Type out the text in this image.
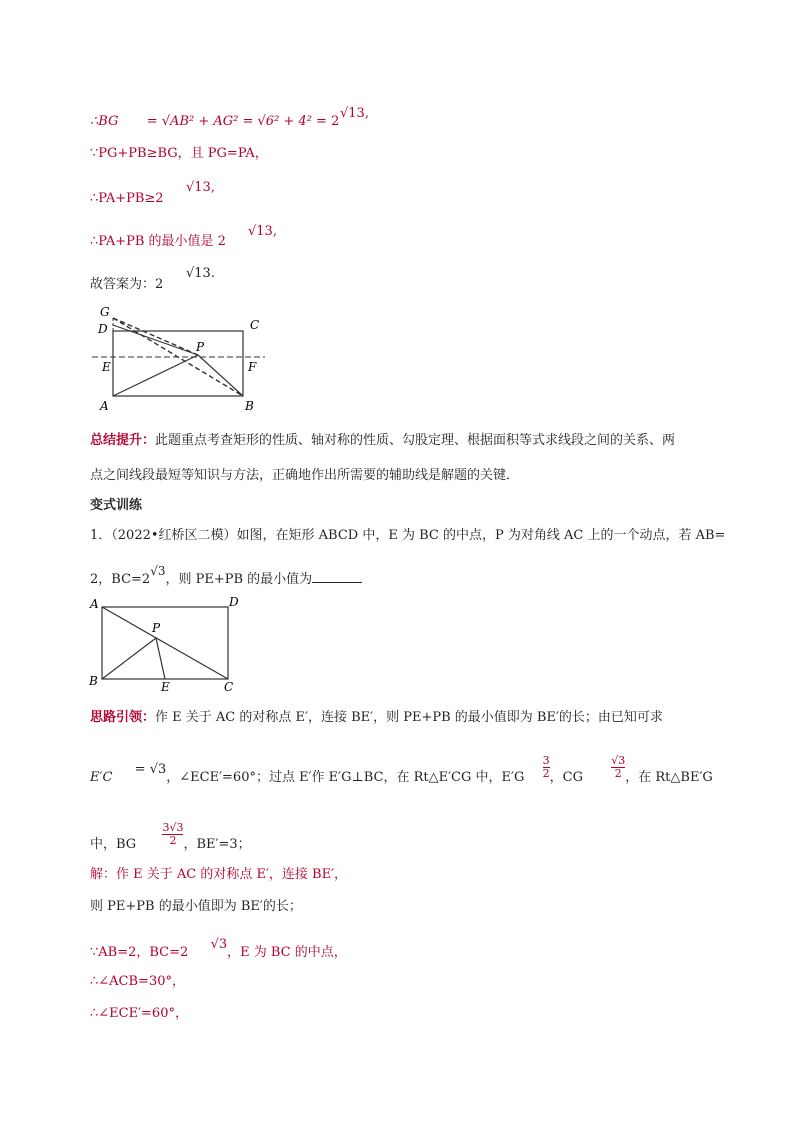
∴BG = √AB² + AG² = √6² + 4² = 2
√13,
∵PG+PB≥BG，且 PG=PA，
∴PA+PB≥2
√13,
∴PA+PB 的最小值是 2
√13,
故答案为：2
√13.
G
D	C
P
E	F
A	B
总结提升：此题重点考查矩形的性质、轴对称的性质、勾股定理、根据面积等式求线段之间的关系、两
点之间线段最短等知识与方法，正确地作出所需要的辅助线是解题的关键．
变式训练
1．（2022•红桥区二模）如图，在矩形 ABCD 中，E 为 BC 的中点，P 为对角线 AC 上的一个动点，若 AB=
2，BC=2√3，则 PE+PB 的最小值为
A	D
P
B	E	C
思路引领：作 E 关于 AC 的对称点 E′，连接 BE′，则 PE+PB 的最小值即为 BE′的长；由已知可求
E′C  = √3，∠ECE′=60°；过点 E′作 E′G⊥BC，在 Rt△E′CG 中，$E'G \frac{3}{2}$ ，CG	$\frac{√3}{2}$ ，在 Rt△BE′G
中，BG $\frac{3√3}{2}$ ，BE′=3；
解：作 E 关于 AC 的对称点 E′，连接 BE′，
则 PE+PB 的最小值即为 BE′的长；
∵AB=2，BC=2  √3，E 为 BC 的中点，
∴∠ACB=30°，
∴∠ECE′=60°，
